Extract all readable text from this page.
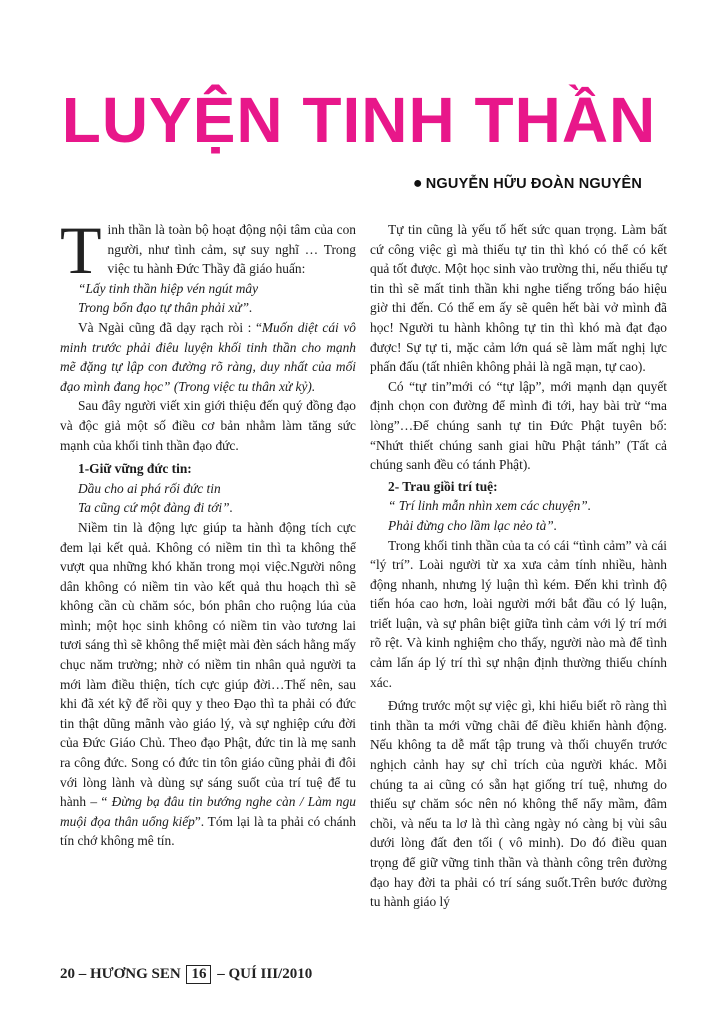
LUYỆN TINH THẦN
● NGUYỄN HỮU ĐOÀN NGUYÊN

Tinh thần là toàn bộ hoạt động nội tâm của con người, như tình cảm, sự suy nghĩ … Trong việc tu hành Đức Thầy đã giáo huấn:

“Lấy tinh thần hiệp vén ngút mây

Trong bổn đạo tự thân phải xử”.

Và Ngài cũng đã dạy rạch ròi : “Muốn diệt cái vô minh trước phải điêu luyện khối tinh thần cho mạnh mẽ đặng tự lập con đường rõ ràng, duy nhất của mối đạo mình đang học” (Trong việc tu thân xử kỷ).

Sau đây người viết xin giới thiệu đến quý đồng đạo và độc giả một số điều cơ bản nhằm làm tăng sức mạnh của khối tinh thần đạo đức.

1-Giữ vững đức tin:

Dầu cho ai phá rối đức tin

Ta cũng cứ một đàng đi tới”.

Niềm tin là động lực giúp ta hành động tích cực đem lại kết quả. Không có niềm tin thì ta không thể vượt qua những khó khăn trong mọi việc.Người nông dân không có niềm tin vào kết quả thu hoạch thì sẽ không cần cù chăm sóc, bón phân cho ruộng lúa của mình; một học sinh không có niềm tin vào tương lai tươi sáng thì sẽ không thể miệt mài đèn sách hằng mấy chục năm trường; nhờ có niềm tin nhân quả người ta mới làm điều thiện, tích cực giúp đời…Thế nên, sau khi đã xét kỹ để rồi quy y theo Đạo thì ta phải có đức tin thật dũng mãnh vào giáo lý, và sự nghiệp cứu đời của Đức Giáo Chủ. Theo đạo Phật, đức tin là mẹ sanh ra công đức. Song có đức tin tôn giáo cũng phải đi đôi với lòng lành và dùng sự sáng suốt của trí tuệ để tu hành – “ Đừng bạ đâu tin bướng nghe càn / Làm ngu muội đọa thân uổng kiếp”. Tóm lại là ta phải có chánh tín chớ không mê tín.

Tự tin cũng là yếu tố hết sức quan trọng. Làm bất cứ công việc gì mà thiếu tự tin thì khó có thể có kết quả tốt được. Một học sinh vào trường thi, nếu thiếu tự tin thì sẽ mất tinh thần khi nghe tiếng trống báo hiệu giờ thi đến. Có thể em ấy sẽ quên hết bài vở mình đã học! Người tu hành không tự tin thì khó mà đạt đạo được! Sự tự ti, mặc cảm lớn quá sẽ làm mất nghị lực phấn đấu (tất nhiên không phải là ngã mạn, tự cao).

Có “tự tin”mới có “tự lập”, mới mạnh dạn quyết định chọn con đường để mình đi tới, hay bài trừ “ma lòng”…Để chúng sanh tự tin Đức Phật tuyên bố: “Nhứt thiết chúng sanh giai hữu Phật tánh” (Tất cả chúng sanh đều có tánh Phật).

2- Trau giồi trí tuệ:

“ Trí linh mẫn nhìn xem các chuyện”.

Phải đừng cho lầm lạc nẻo tà”.

Trong khối tinh thần của ta có cái “tình cảm” và cái “lý trí”. Loài người từ xa xưa cảm tính nhiều, hành động nhanh, nhưng lý luận thì kém. Đến khi trình độ tiến hóa cao hơn, loài người mới bắt đầu có lý luận, triết luận, và sự phân biệt giữa tình cảm với lý trí mới rõ rệt. Và kinh nghiệm cho thấy, người nào mà để tình cảm lấn áp lý trí thì sự nhận định thường thiếu chính xác.

Đứng trước một sự việc gì, khi hiểu biết rõ ràng thì tinh thần ta mới vững chãi để điều khiển hành động. Nếu không ta dễ mất tập trung và thối chuyển trước nghịch cảnh hay sự chỉ trích của người khác. Mỗi chúng ta ai cũng có sẵn hạt giống trí tuệ, nhưng do thiếu sự chăm sóc nên nó không thể nẩy mầm, đâm chồi, và nếu ta lơ là thì càng ngày nó càng bị vùi sâu dưới lòng đất đen tối ( vô minh). Do đó điều quan trọng để giữ vững tinh thần và thành công trên đường đạo hay đời ta phải có trí sáng suốt.Trên bước đường tu hành giáo lý

20 – HƯƠNG SEN 16 – QUÍ III/2010
